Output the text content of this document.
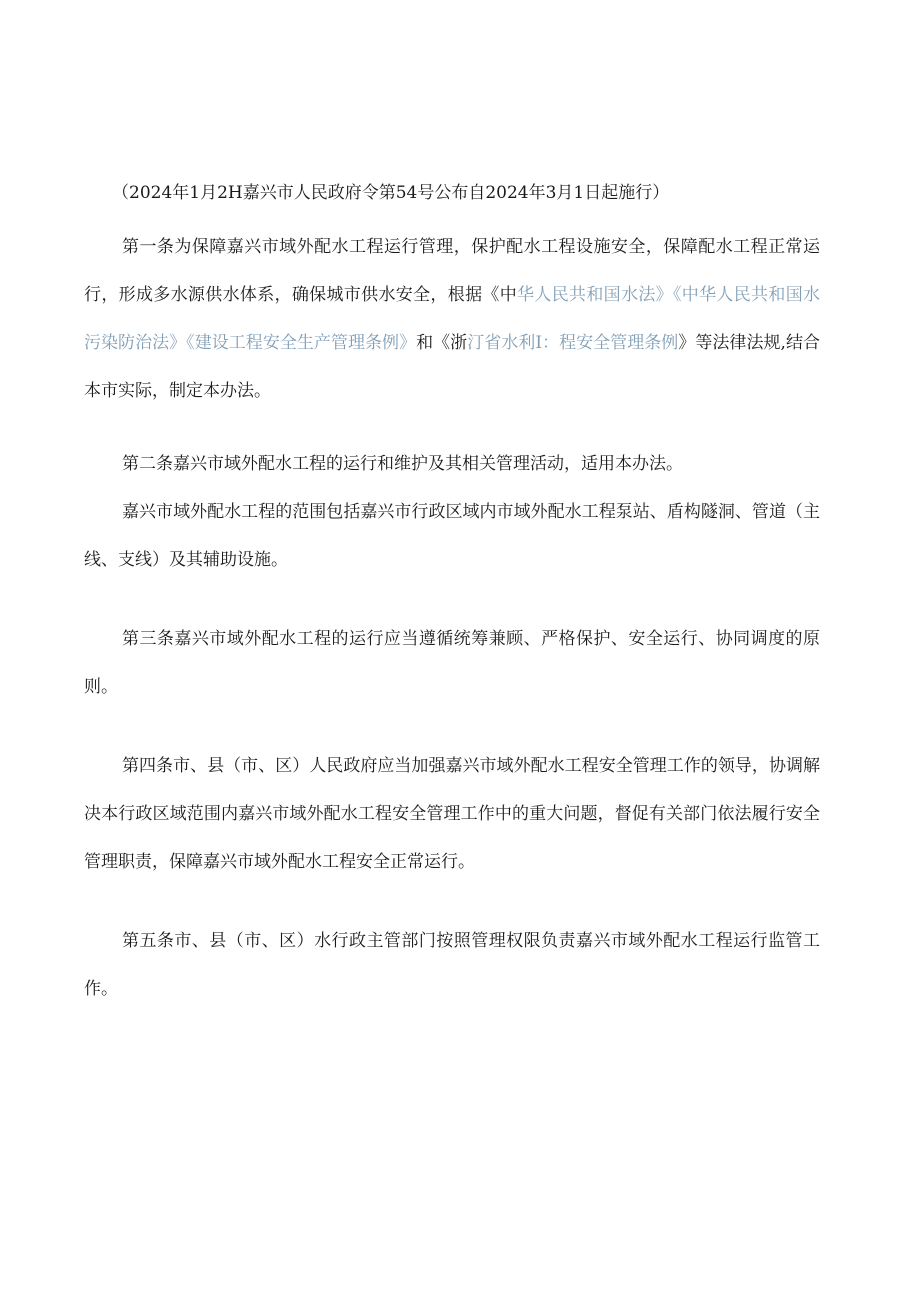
（2024年1月2H嘉兴市人民政府令第54号公布自2024年3月1日起施行）

第一条为保障嘉兴市域外配水工程运行管理，保护配水工程设施安全，保障配水工程正常运行，形成多水源供水体系，确保城市供水安全，根据《中华人民共和国水法》《中华人民共和国水污染防治法》《建设工程安全生产管理条例》和《浙汀省水利I：程安全管理条例》等法律法规,结合本市实际，制定本办法。

第二条嘉兴市域外配水工程的运行和维护及其相关管理活动，适用本办法。

嘉兴市域外配水工程的范围包括嘉兴市行政区域内市域外配水工程泵站、盾构隧洞、管道（主线、支线）及其辅助设施。

第三条嘉兴市域外配水工程的运行应当遵循统筹兼顾、严格保护、安全运行、协同调度的原则。

第四条市、县（市、区）人民政府应当加强嘉兴市域外配水工程安全管理工作的领导，协调解决本行政区域范围内嘉兴市域外配水工程安全管理工作中的重大问题，督促有关部门依法履行安全管理职责，保障嘉兴市域外配水工程安全正常运行。

第五条市、县（市、区）水行政主管部门按照管理权限负责嘉兴市域外配水工程运行监管工作。
